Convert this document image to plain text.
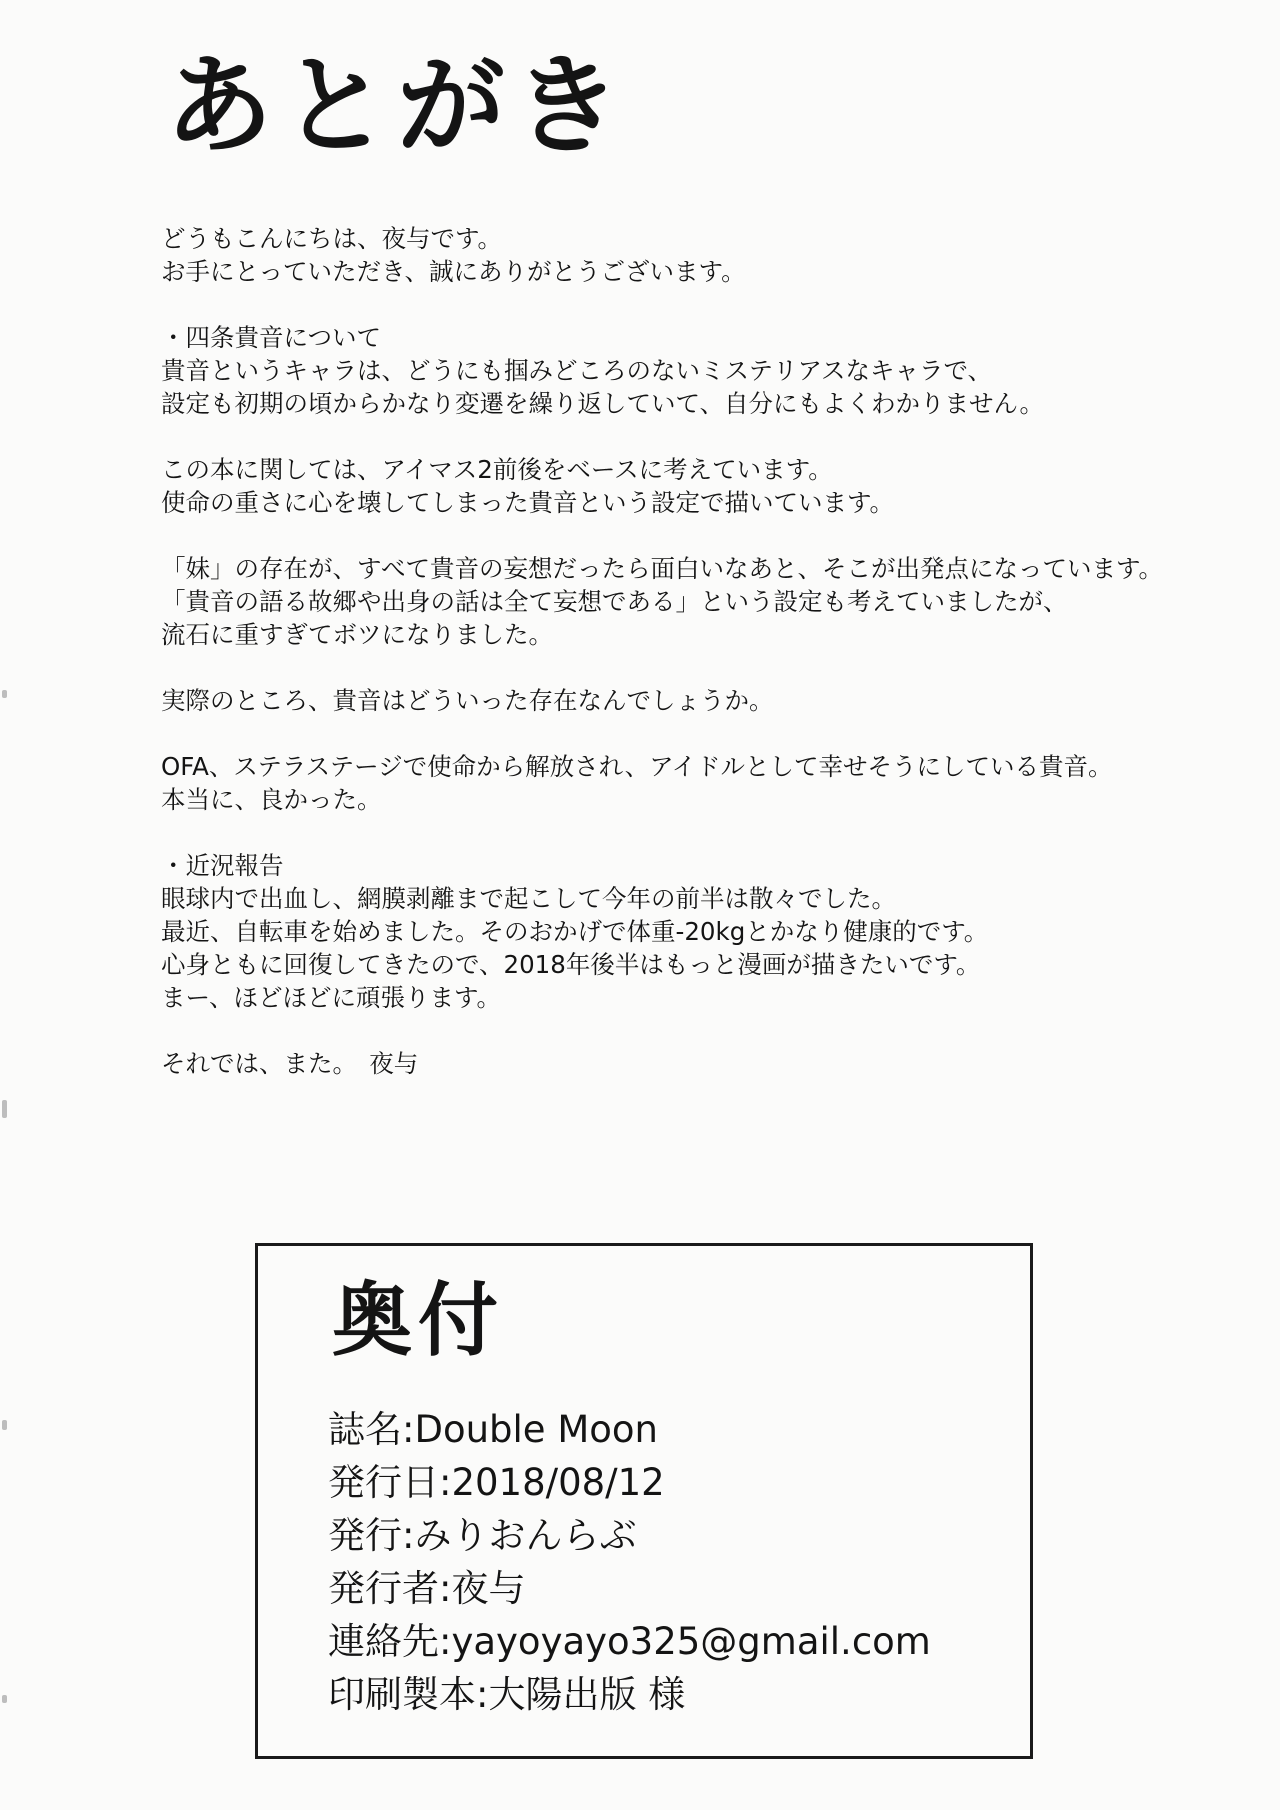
あとがき
どうもこんにちは、夜与です。
お手にとっていただき、誠にありがとうございます。
・四条貴音について
貴音というキャラは、どうにも掴みどころのないミステリアスなキャラで、
設定も初期の頃からかなり変遷を繰り返していて、自分にもよくわかりません。
この本に関しては、アイマス2前後をベースに考えています。
使命の重さに心を壊してしまった貴音という設定で描いています。
「妹」の存在が、すべて貴音の妄想だったら面白いなあと、そこが出発点になっています。
「貴音の語る故郷や出身の話は全て妄想である」という設定も考えていましたが、
流石に重すぎてボツになりました。
実際のところ、貴音はどういった存在なんでしょうか。
OFA、ステラステージで使命から解放され、アイドルとして幸せそうにしている貴音。
本当に、良かった。
・近況報告
眼球内で出血し、網膜剥離まで起こして今年の前半は散々でした。
最近、自転車を始めました。そのおかげで体重-20kgとかなり健康的です。
心身ともに回復してきたので、2018年後半はもっと漫画が描きたいです。
まー、ほどほどに頑張ります。
それでは、また。　夜与
奥付
誌名:Double Moon
発行日:2018/08/12
発行:みりおんらぶ
発行者:夜与
連絡先:yayoyayo325@gmail.com
印刷製本:大陽出版 様
